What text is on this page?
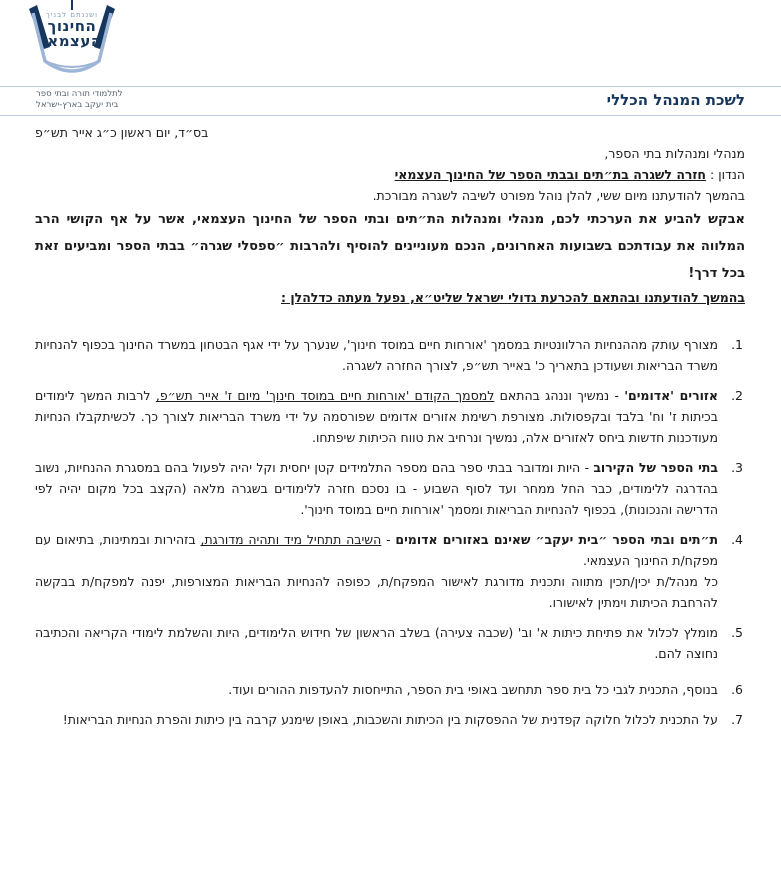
ושננתם לבניך
החינוך
העצמאי
לתלמודי תורה ובתי ספר
בית יעקב בארץ-ישראל	לשכת המנהל הכללי

בס״ד, יום ראשון כ״ג אייר תש״פ

מנהלי ומנהלות בתי הספר,

הנדון : חזרה לשגרה בת״תים ובבתי הספר של החינוך העצמאי

בהמשך להודעתנו מיום ששי, להלן נוהל מפורט לשיבה לשגרה מבורכת.

אבקש להביע את הערכתי לכם, מנהלי ומנהלות הת״תים ובתי הספר של החינוך העצמאי, אשר על אף הקושי הרב המלווה את עבודתכם בשבועות האחרונים, הנכם מעוניינים להוסיף ולהרבות ״ספסלי שגרה״ בבתי הספר ומביעים זאת בכל דרך!

בהמשך להודעתנו ובהתאם להכרעת גדולי ישראל שליט״א, נפעל מעתה כדלהלן :

1.
מצורף עותק מההנחיות הרלוונטיות במסמך 'אורחות חיים במוסד חינוך', שנערך על ידי אגף הבטחון במשרד החינוך בכפוף להנחיות משרד הבריאות ושעודכן בתאריך כ' באייר תש״פ, לצורך החזרה לשגרה.
2.
אזורים 'אדומים' - נמשיך וננהג בהתאם למסמך הקודם 'אורחות חיים במוסד חינוך' מיום ז' אייר תש״פ, לרבות המשך לימודים בכיתות ז' וח' בלבד ובקפסולות. מצורפת רשימת אזורים אדומים שפורסמה על ידי משרד הבריאות לצורך כך. לכשיתקבלו הנחיות מעודכנות חדשות ביחס לאזורים אלה, נמשיך ונרחיב את טווח הכיתות שיפתחו.
3.
בתי הספר של הקירוב - היות ומדובר בבתי ספר בהם מספר התלמידים קטן יחסית וקל יהיה לפעול בהם במסגרת ההנחיות, נשוב בהדרגה ללימודים, כבר החל ממחר ועד לסוף השבוע - בו נסכם חזרה ללימודים בשגרה מלאה (הקצב בכל מקום יהיה לפי הדרישה והנכונות), בכפוף להנחיות הבריאות ומסמך 'אורחות חיים במוסד חינוך'.
4.
ת״תים ובתי הספר ״בית יעקב״ שאינם באזורים אדומים - השיבה תתחיל מיד ותהיה מדורגת, בזהירות ובמתינות, בתיאום עם מפקח/ת החינוך העצמאי.
כל מנהל/ת יכין/תכין מתווה ותכנית מדורגת לאישור המפקח/ת, כפופה להנחיות הבריאות המצורפות, יפנה למפקח/ת בבקשה להרחבת הכיתות וימתין לאישורו.
5.
מומלץ לכלול את פתיחת כיתות א' וב' (שכבה צעירה) בשלב הראשון של חידוש הלימודים, היות והשלמת לימודי הקריאה והכתיבה נחוצה להם.
6.
בנוסף, התכנית לגבי כל בית ספר תתחשב באופי בית הספר, התייחסות להעדפות ההורים ועוד.
7.
על התכנית לכלול חלוקה קפדנית של ההפסקות בין הכיתות והשכבות, באופן שימנע קרבה בין כיתות והפרת הנחיות הבריאות!
